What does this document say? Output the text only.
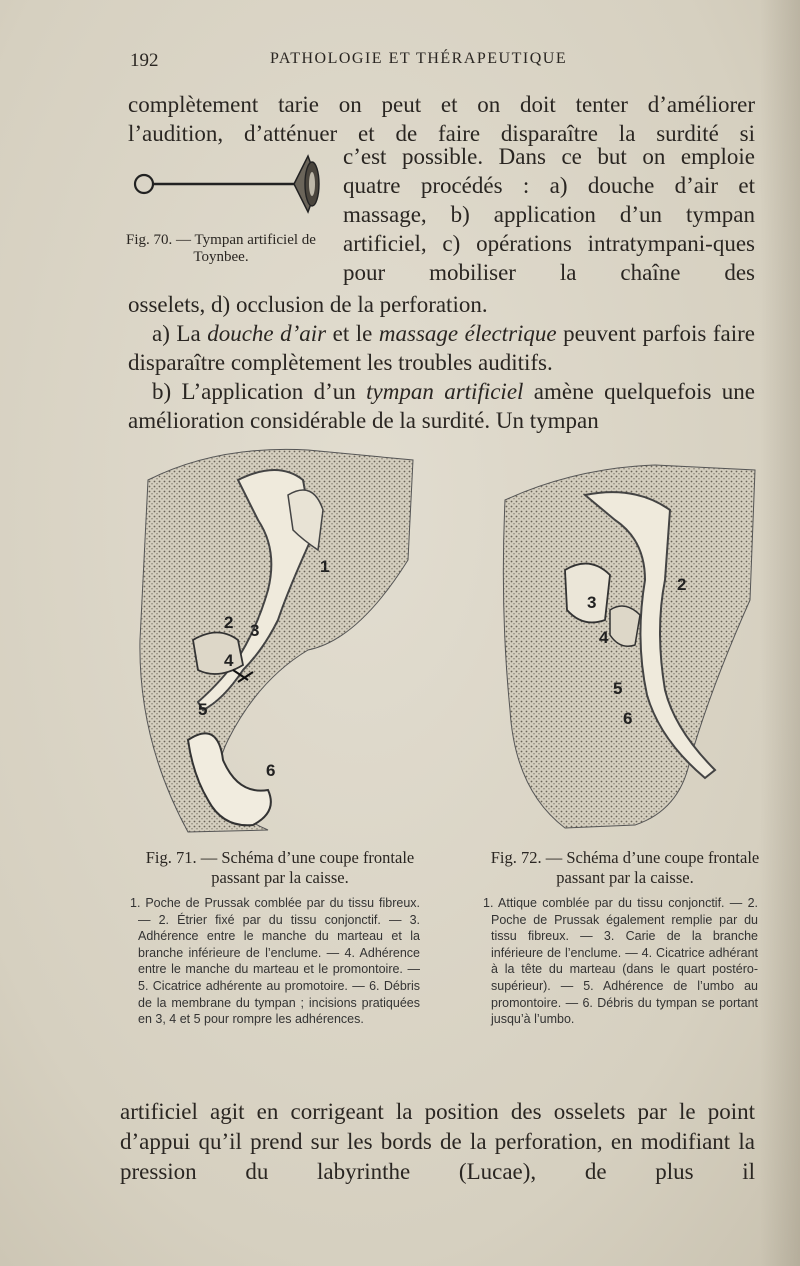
192	PATHOLOGIE ET THÉRAPEUTIQUE

complètement tarie on peut et on doit tenter d’améliorer

l’audition, d’atténuer et de faire disparaître la surdité si

Fig. 70. — Tympan artificiel de Toynbee.

c’est possible. Dans ce but on emploie quatre procédés : a) douche d’air et massage, b) application d’un tympan artificiel, c) opérations intratympani-ques pour mobiliser la chaîne des

osselets, d) occlusion de la perforation.

a) La douche d’air et le massage électrique peuvent parfois faire disparaître complètement les troubles auditifs.

b) L’application d’un tympan artificiel amène quelquefois une amélioration considérable de la surdité. Un tympan

1
2 3
4
5
6
2
3
4
5
6
Fig. 71. — Schéma d’une coupe frontale passant par la caisse.
Fig. 72. — Schéma d’une coupe frontale passant par la caisse.

1. Poche de Prussak comblée par du tissu fibreux. — 2. Étrier fixé par du tissu conjonctif. — 3. Adhérence entre le manche du marteau et la branche inférieure de l’enclume. — 4. Adhérence entre le manche du marteau et le promontoire. — 5. Cicatrice adhérente au promotoire. — 6. Débris de la membrane du tympan ; incisions pratiquées en 3, 4 et 5 pour rompre les adhérences.

1. Attique comblée par du tissu conjonctif. — 2. Poche de Prussak également remplie par du tissu fibreux. — 3. Carie de la branche inférieure de l’enclume. — 4. Cicatrice adhérant à la tête du marteau (dans le quart postéro-supérieur). — 5. Adhérence de l’umbo au promontoire. — 6. Débris du tympan se portant jusqu’à l’umbo.

artificiel agit en corrigeant la position des osselets par le point d’appui qu’il prend sur les bords de la perforation, en modifiant la pression du labyrinthe (Lucae), de plus il
